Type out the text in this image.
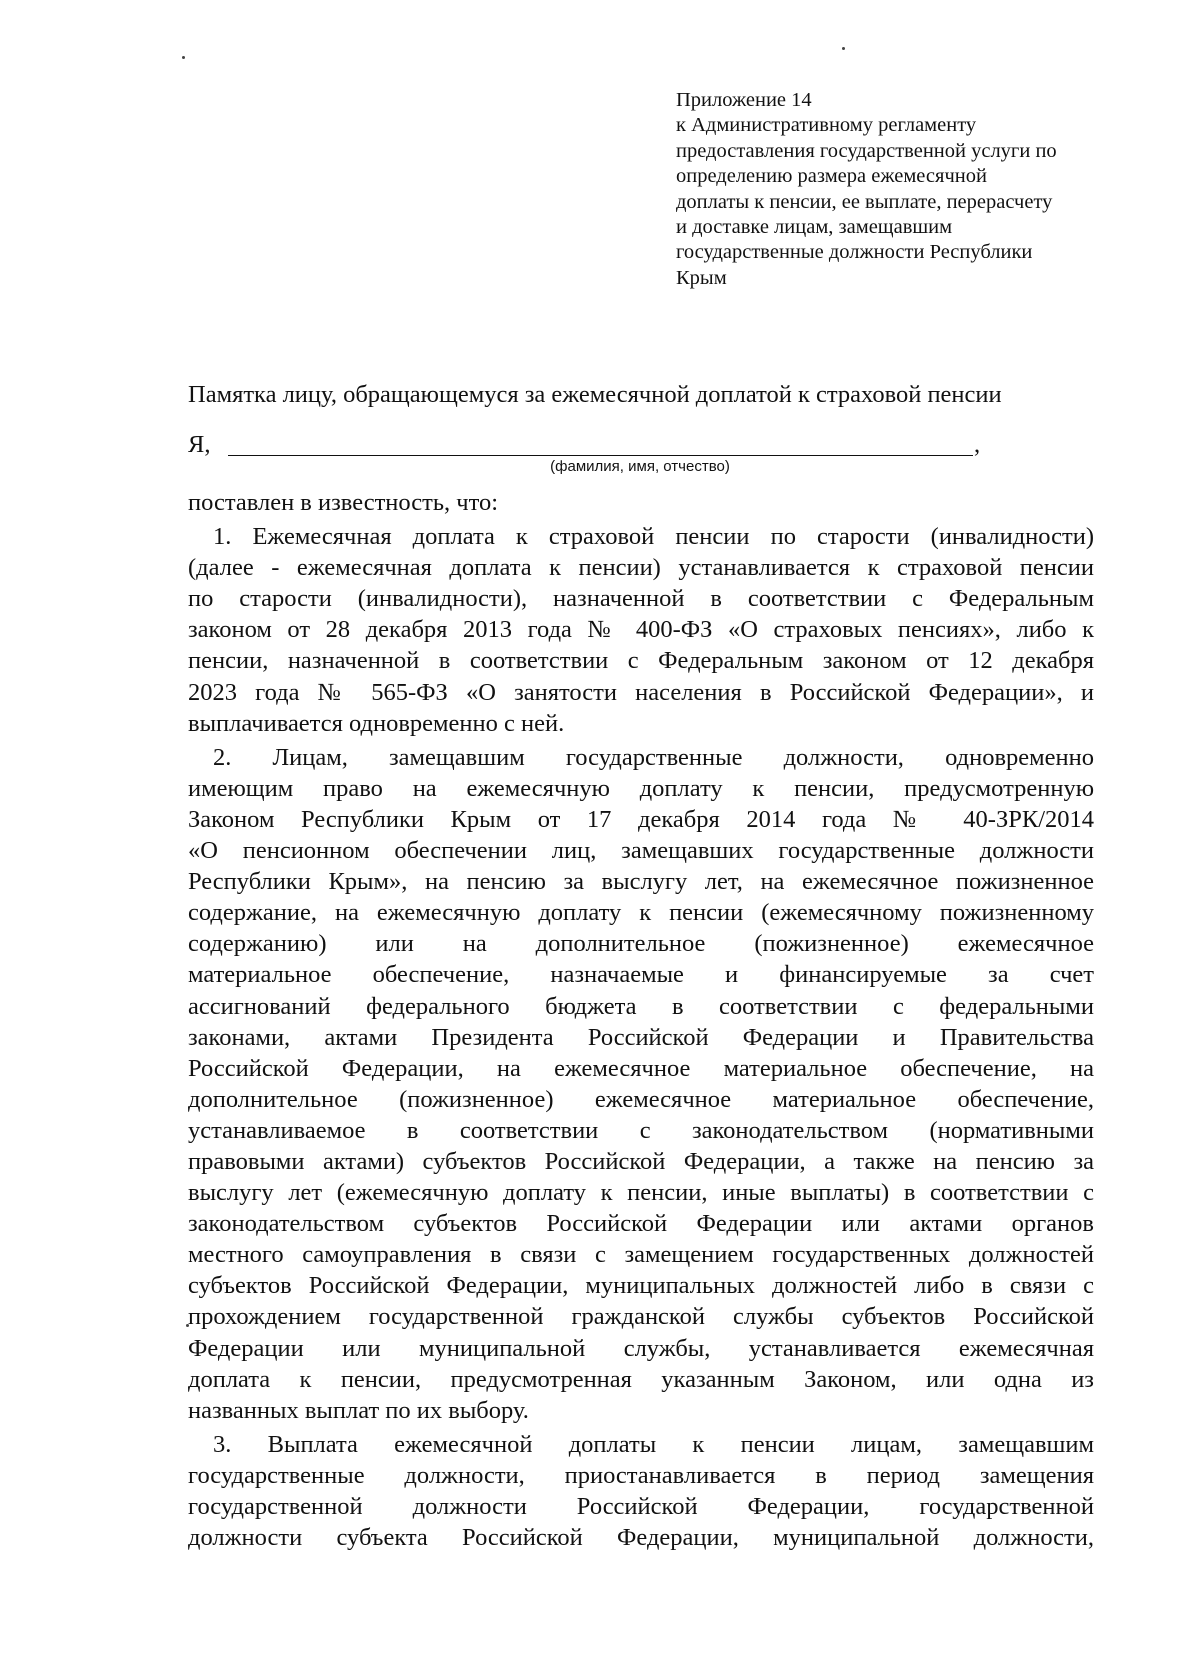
Приложение 14
к Административному регламенту
предоставления государственной услуги по
определению размера ежемесячной
доплаты к пенсии, ее выплате, перерасчету
и доставке лицам, замещавшим
государственные должности Республики
Крым
Памятка лицу, обращающемуся за ежемесячной доплатой к страховой пенсии
Я,	,
(фамилия, имя, отчество)

поставлен в известность, что:

1. Ежемесячная доплата к страховой пенсии по старости (инвалидности)

(далее - ежемесячная доплата к пенсии) устанавливается к страховой пенсии

по старости (инвалидности), назначенной в соответствии с Федеральным

законом от 28 декабря 2013 года № 400-ФЗ «О страховых пенсиях», либо к

пенсии, назначенной в соответствии с Федеральным законом от 12 декабря

2023 года № 565-ФЗ «О занятости населения в Российской Федерации», и

выплачивается одновременно с ней.

2. Лицам, замещавшим государственные должности, одновременно

имеющим право на ежемесячную доплату к пенсии, предусмотренную

Законом Республики Крым от 17 декабря 2014 года № 40-ЗРК/2014

«О пенсионном обеспечении лиц, замещавших государственные должности

Республики Крым», на пенсию за выслугу лет, на ежемесячное пожизненное

содержание, на ежемесячную доплату к пенсии (ежемесячному пожизненному

содержанию) или на дополнительное (пожизненное) ежемесячное

материальное обеспечение, назначаемые и финансируемые за счет

ассигнований федерального бюджета в соответствии с федеральными

законами, актами Президента Российской Федерации и Правительства

Российской Федерации, на ежемесячное материальное обеспечение, на

дополнительное (пожизненное) ежемесячное материальное обеспечение,

устанавливаемое в соответствии с законодательством (нормативными

правовыми актами) субъектов Российской Федерации, а также на пенсию за

выслугу лет (ежемесячную доплату к пенсии, иные выплаты) в соответствии с

законодательством субъектов Российской Федерации или актами органов

местного самоуправления в связи с замещением государственных должностей

субъектов Российской Федерации, муниципальных должностей либо в связи с

прохождением государственной гражданской службы субъектов Российской

Федерации или муниципальной службы, устанавливается ежемесячная

доплата к пенсии, предусмотренная указанным Законом, или одна из

названных выплат по их выбору.

3. Выплата ежемесячной доплаты к пенсии лицам, замещавшим

государственные должности, приостанавливается в период замещения

государственной должности Российской Федерации, государственной

должности субъекта Российской Федерации, муниципальной должности,
